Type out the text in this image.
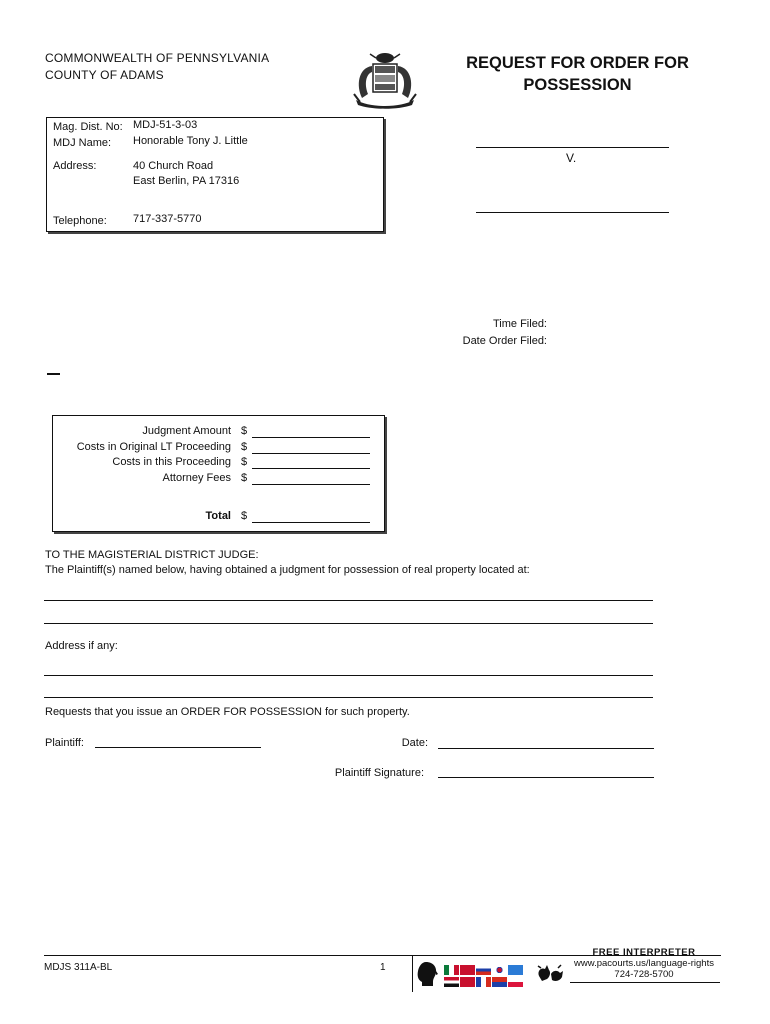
COMMONWEALTH OF PENNSYLVANIA
COUNTY OF ADAMS
REQUEST FOR ORDER FOR
POSSESSION
Mag. Dist. No: MDJ-51-3-03
MDJ Name: Honorable Tony J. Little
Address:	40 Church Road
East Berlin, PA 17316
Telephone: 717-337-5770
V.
Time Filed:
Date Order Filed:
Judgment Amount $
Costs in Original LT Proceeding $
Costs in this Proceeding $
Attorney Fees $
Total $
TO THE MAGISTERIAL DISTRICT JUDGE:
The Plaintiff(s) named below, having obtained a judgment for possession of real property located at:
Address if any:
Requests that you issue an ORDER FOR POSSESSION for such property.
Plaintiff:	Date:
Plaintiff Signature:
MDJS 311A-BL	1
FREE INTERPRETER
www.pacourts.us/language-rights
724-728-5700
